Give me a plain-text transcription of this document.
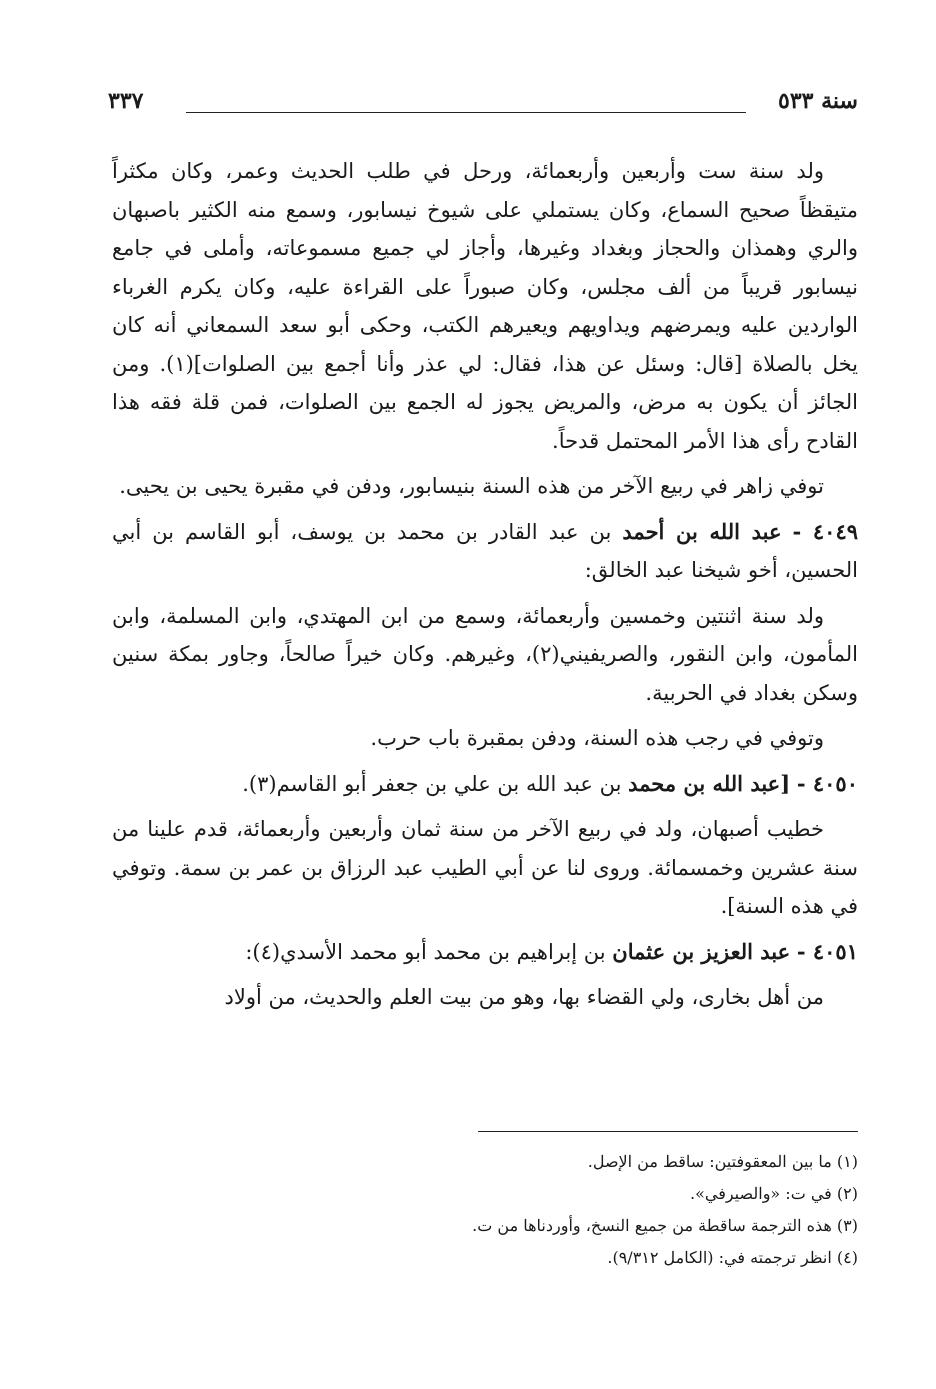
سنة ٥٣٣
٣٣٧

ولد سنة ست وأربعين وأربعمائة، ورحل في طلب الحديث وعمر، وكان مكثراً متيقظاً صحيح السماع، وكان يستملي على شيوخ نيسابور، وسمع منه الكثير باصبهان والري وهمذان والحجاز وبغداد وغيرها، وأجاز لي جميع مسموعاته، وأملى في جامع نيسابور قريباً من ألف مجلس، وكان صبوراً على القراءة عليه، وكان يكرم الغرباء الواردين عليه ويمرضهم ويداويهم ويعيرهم الكتب، وحكى أبو سعد السمعاني أنه كان يخل بالصلاة [قال: وسئل عن هذا، فقال: لي عذر وأنا أجمع بين الصلوات](١). ومن الجائز أن يكون به مرض، والمريض يجوز له الجمع بين الصلوات، فمن قلة فقه هذا القادح رأى هذا الأمر المحتمل قدحاً.

توفي زاهر في ربيع الآخر من هذه السنة بنيسابور، ودفن في مقبرة يحيى بن يحيى.

٤٠٤٩ - عبد الله بن أحمد بن عبد القادر بن محمد بن يوسف، أبو القاسم بن أبي الحسين، أخو شيخنا عبد الخالق:

ولد سنة اثنتين وخمسين وأربعمائة، وسمع من ابن المهتدي، وابن المسلمة، وابن المأمون، وابن النقور، والصريفيني(٢)، وغيرهم. وكان خيراً صالحاً، وجاور بمكة سنين وسكن بغداد في الحربية.

وتوفي في رجب هذه السنة، ودفن بمقبرة باب حرب.

٤٠٥٠ - [عبد الله بن محمد بن عبد الله بن علي بن جعفر أبو القاسم(٣).

خطيب أصبهان، ولد في ربيع الآخر من سنة ثمان وأربعين وأربعمائة، قدم علينا من سنة عشرين وخمسمائة. وروى لنا عن أبي الطيب عبد الرزاق بن عمر بن سمة. وتوفي في هذه السنة].

٤٠٥١ - عبد العزيز بن عثمان بن إبراهيم بن محمد أبو محمد الأسدي(٤):

من أهل بخارى، ولي القضاء بها، وهو من بيت العلم والحديث، من أولاد

(١) ما بين المعقوفتين: ساقط من الإصل.
(٢) في ت: «والصيرفي».
(٣) هذه الترجمة ساقطة من جميع النسخ، وأوردناها من ت.
(٤) انظر ترجمته في: (الكامل ٩/٣١٢).
